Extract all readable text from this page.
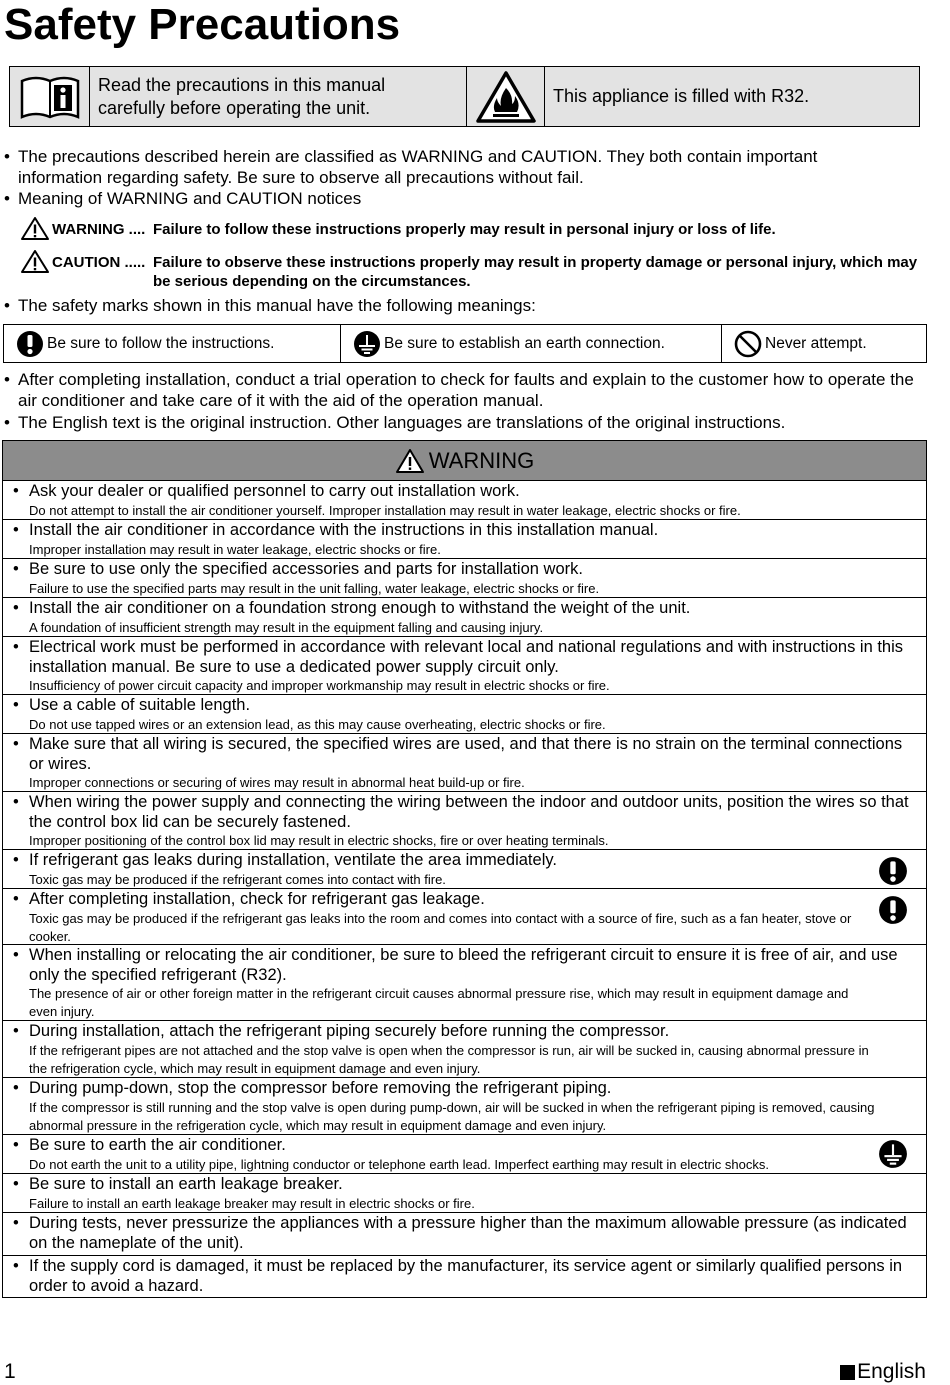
Safety Precautions
Read the precautions in this manual carefully before operating the unit.
This appliance is filled with R32.
• The precautions described herein are classified as WARNING and CAUTION. They both contain important information regarding safety. Be sure to observe all precautions without fail.
• Meaning of WARNING and CAUTION notices
WARNING .... Failure to follow these instructions properly may result in personal injury or loss of life.
CAUTION ..... Failure to observe these instructions properly may result in property damage or personal injury, which may be serious depending on the circumstances.
• The safety marks shown in this manual have the following meanings:
Be sure to follow the instructions.	Be sure to establish an earth connection.	Never attempt.
• After completing installation, conduct a trial operation to check for faults and explain to the customer how to operate the air conditioner and take care of it with the aid of the operation manual.
• The English text is the original instruction. Other languages are translations of the original instructions.
WARNING
• Ask your dealer or qualified personnel to carry out installation work.
Do not attempt to install the air conditioner yourself. Improper installation may result in water leakage, electric shocks or fire.
• Install the air conditioner in accordance with the instructions in this installation manual.
Improper installation may result in water leakage, electric shocks or fire.
• Be sure to use only the specified accessories and parts for installation work.
Failure to use the specified parts may result in the unit falling, water leakage, electric shocks or fire.
• Install the air conditioner on a foundation strong enough to withstand the weight of the unit.
A foundation of insufficient strength may result in the equipment falling and causing injury.
• Electrical work must be performed in accordance with relevant local and national regulations and with instructions in this installation manual. Be sure to use a dedicated power supply circuit only.
Insufficiency of power circuit capacity and improper workmanship may result in electric shocks or fire.
• Use a cable of suitable length.
Do not use tapped wires or an extension lead, as this may cause overheating, electric shocks or fire.
• Make sure that all wiring is secured, the specified wires are used, and that there is no strain on the terminal connections or wires.
Improper connections or securing of wires may result in abnormal heat build-up or fire.
• When wiring the power supply and connecting the wiring between the indoor and outdoor units, position the wires so that the control box lid can be securely fastened.
Improper positioning of the control box lid may result in electric shocks, fire or over heating terminals.
• If refrigerant gas leaks during installation, ventilate the area immediately.
Toxic gas may be produced if the refrigerant comes into contact with fire.
• After completing installation, check for refrigerant gas leakage.
Toxic gas may be produced if the refrigerant gas leaks into the room and comes into contact with a source of fire, such as a fan heater, stove or cooker.
• When installing or relocating the air conditioner, be sure to bleed the refrigerant circuit to ensure it is free of air, and use only the specified refrigerant (R32).
The presence of air or other foreign matter in the refrigerant circuit causes abnormal pressure rise, which may result in equipment damage and even injury.
• During installation, attach the refrigerant piping securely before running the compressor.
If the refrigerant pipes are not attached and the stop valve is open when the compressor is run, air will be sucked in, causing abnormal pressure in the refrigeration cycle, which may result in equipment damage and even injury.
• During pump-down, stop the compressor before removing the refrigerant piping.
If the compressor is still running and the stop valve is open during pump-down, air will be sucked in when the refrigerant piping is removed, causing abnormal pressure in the refrigeration cycle, which may result in equipment damage and even injury.
• Be sure to earth the air conditioner.
Do not earth the unit to a utility pipe, lightning conductor or telephone earth lead. Imperfect earthing may result in electric shocks.
• Be sure to install an earth leakage breaker.
Failure to install an earth leakage breaker may result in electric shocks or fire.
• During tests, never pressurize the appliances with a pressure higher than the maximum allowable pressure (as indicated on the nameplate of the unit).
• If the supply cord is damaged, it must be replaced by the manufacturer, its service agent or similarly qualified persons in order to avoid a hazard.
1	English
